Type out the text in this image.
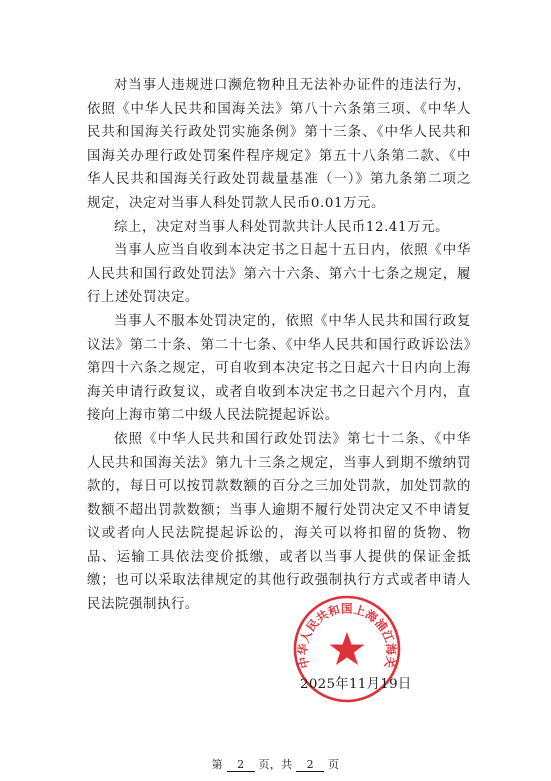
对当事人违规进口濒危物种且无法补办证件的违法行为，依照《中华人民共和国海关法》第八十六条第三项、《中华人民共和国海关行政处罚实施条例》第十三条、《中华人民共和国海关办理行政处罚案件程序规定》第五十八条第二款、《中华人民共和国海关行政处罚裁量基准（一）》第九条第二项之规定，决定对当事人科处罚款人民币0.01万元。

综上，决定对当事人科处罚款共计人民币12.41万元。

当事人应当自收到本决定书之日起十五日内，依照《中华人民共和国行政处罚法》第六十六条、第六十七条之规定，履行上述处罚决定。

当事人不服本处罚决定的，依照《中华人民共和国行政复议法》第二十条、第二十七条、《中华人民共和国行政诉讼法》第四十六条之规定，可自收到本决定书之日起六十日内向上海海关申请行政复议，或者自收到本决定书之日起六个月内，直接向上海市第二中级人民法院提起诉讼。

依照《中华人民共和国行政处罚法》第七十二条、《中华人民共和国海关法》第九十三条之规定，当事人到期不缴纳罚款的，每日可以按罚款数额的百分之三加处罚款，加处罚款的数额不超出罚款数额；当事人逾期不履行处罚决定又不申请复议或者向人民法院提起诉讼的，海关可以将扣留的货物、物品、运输工具依法变价抵缴，或者以当事人提供的保证金抵缴；也可以采取法律规定的其他行政强制执行方式或者申请人民法院强制执行。

中华人民共和国上海浦江海关
2025年11月19日
第 2 页，共 2 页
